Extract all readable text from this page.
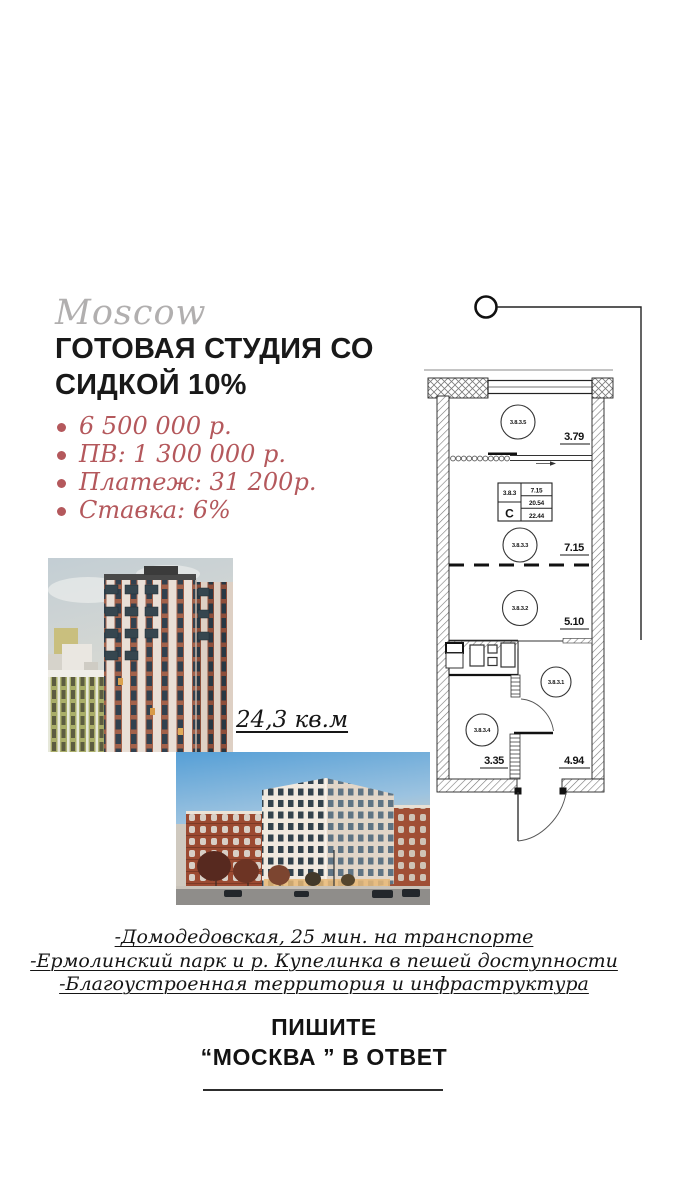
Moscow
ГОТОВАЯ СТУДИЯ СО
СИДКОЙ 10%
6 500 000 р.
ПВ: 1 300 000 р.
Платеж: 31 200р.
Ставка: 6%
24,3 кв.м
3.8.3.5
3.8.3.3
3.8.3.2
3.8.3.1
3.8.3.4
3.79
7.15
5.10
3.35	4.94
3.8.3
С
7.15
20.54
22.44
-Домодедовская, 25 мин. на транспорте
-Ермолинский парк и р. Купелинка в пешей доступности
-Благоустроенная территория и инфраструктура
ПИШИТЕ
“МОСКВА ” В ОТВЕТ
